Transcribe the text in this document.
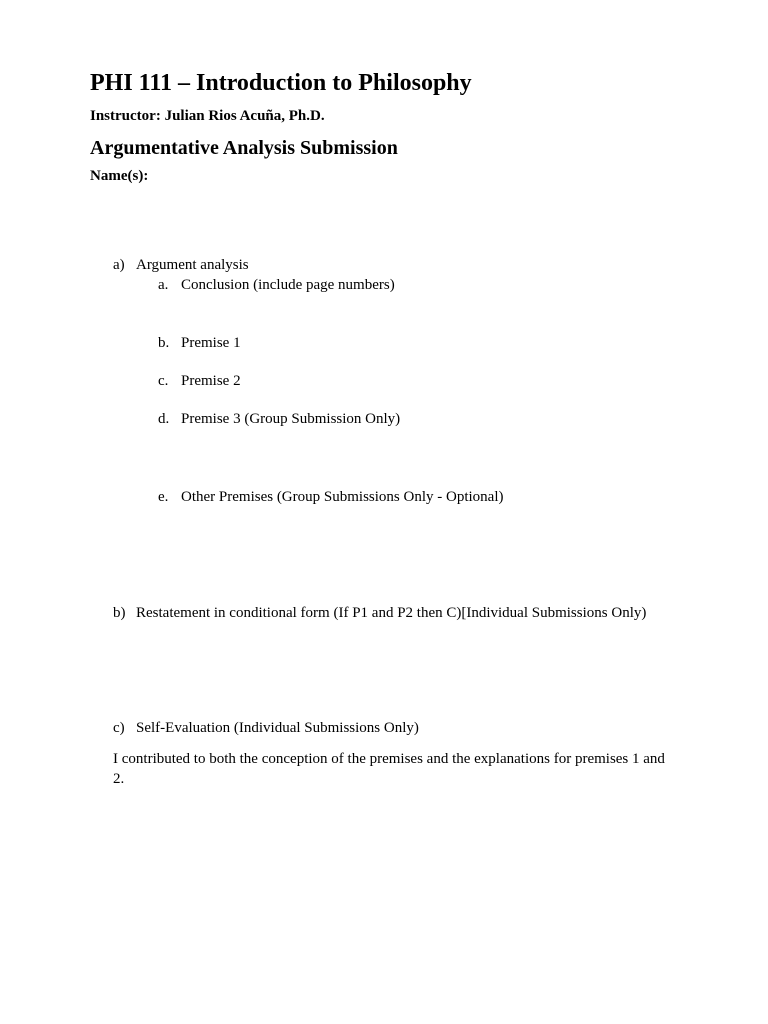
PHI 111 – Introduction to Philosophy
Instructor: Julian Rios Acuña, Ph.D.
Argumentative Analysis Submission
Name(s):
a) Argument analysis
a. Conclusion (include page numbers)
b. Premise 1
c. Premise 2
d. Premise 3 (Group Submission Only)
e. Other Premises (Group Submissions Only - Optional)
b) Restatement in conditional form (If P1 and P2 then C)[Individual Submissions Only)
c) Self-Evaluation (Individual Submissions Only)
I contributed to both the conception of the premises and the explanations for premises 1 and 2.
